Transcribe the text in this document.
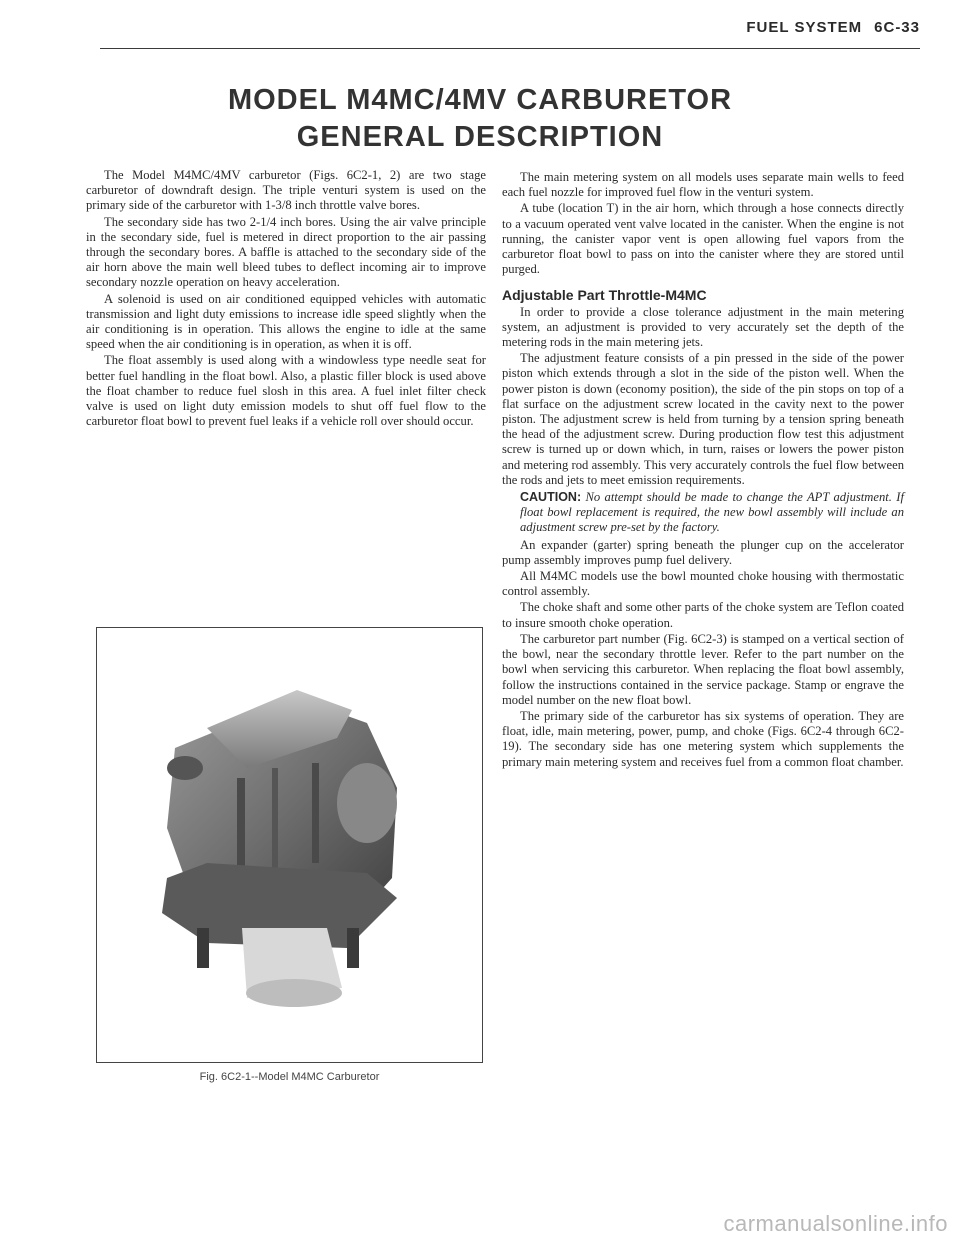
FUEL SYSTEM 6C-33
MODEL M4MC/4MV CARBURETOR
GENERAL DESCRIPTION

The Model M4MC/4MV carburetor (Figs. 6C2-1, 2) are two stage carburetor of downdraft design. The triple venturi system is used on the primary side of the carburetor with 1-3/8 inch throttle valve bores.

The secondary side has two 2-1/4 inch bores. Using the air valve principle in the secondary side, fuel is metered in direct proportion to the air passing through the secondary bores. A baffle is attached to the secondary side of the air horn above the main well bleed tubes to deflect incoming air to improve secondary nozzle operation on heavy acceleration.

A solenoid is used on air conditioned equipped vehicles with automatic transmission and light duty emissions to increase idle speed slightly when the air conditioning is in operation. This allows the engine to idle at the same speed when the air conditioning is in operation, as when it is off.

The float assembly is used along with a windowless type needle seat for better fuel handling in the float bowl. Also, a plastic filler block is used above the float chamber to reduce fuel slosh in this area. A fuel inlet filter check valve is used on light duty emission models to shut off fuel flow to the carburetor float bowl to prevent fuel leaks if a vehicle roll over should occur.

Fig. 6C2-1--Model M4MC Carburetor

The main metering system on all models uses separate main wells to feed each fuel nozzle for improved fuel flow in the venturi system.

A tube (location T) in the air horn, which through a hose connects directly to a vacuum operated vent valve located in the canister. When the engine is not running, the canister vapor vent is open allowing fuel vapors from the carburetor float bowl to pass on into the canister where they are stored until purged.

Adjustable Part Throttle-M4MC

In order to provide a close tolerance adjustment in the main metering system, an adjustment is provided to very accurately set the depth of the metering rods in the main metering jets.

The adjustment feature consists of a pin pressed in the side of the power piston which extends through a slot in the side of the piston well. When the power piston is down (economy position), the side of the pin stops on top of a flat surface on the adjustment screw located in the cavity next to the power piston. The adjustment screw is held from turning by a tension spring beneath the head of the adjustment screw. During production flow test this adjustment screw is turned up or down which, in turn, raises or lowers the power piston and metering rod assembly. This very accurately controls the fuel flow between the rods and jets to meet emission requirements.

CAUTION: No attempt should be made to change the APT adjustment. If float bowl replacement is required, the new bowl assembly will include an adjustment screw pre-set by the factory.

An expander (garter) spring beneath the plunger cup on the accelerator pump assembly improves pump fuel delivery.

All M4MC models use the bowl mounted choke housing with thermostatic control assembly.

The choke shaft and some other parts of the choke system are Teflon coated to insure smooth choke operation.

The carburetor part number (Fig. 6C2-3) is stamped on a vertical section of the bowl, near the secondary throttle lever. Refer to the part number on the bowl when servicing this carburetor. When replacing the float bowl assembly, follow the instructions contained in the service package. Stamp or engrave the model number on the new float bowl.

The primary side of the carburetor has six systems of operation. They are float, idle, main metering, power, pump, and choke (Figs. 6C2-4 through 6C2-19). The secondary side has one metering system which supplements the primary main metering system and receives fuel from a common float chamber.

carmanualsonline.info
